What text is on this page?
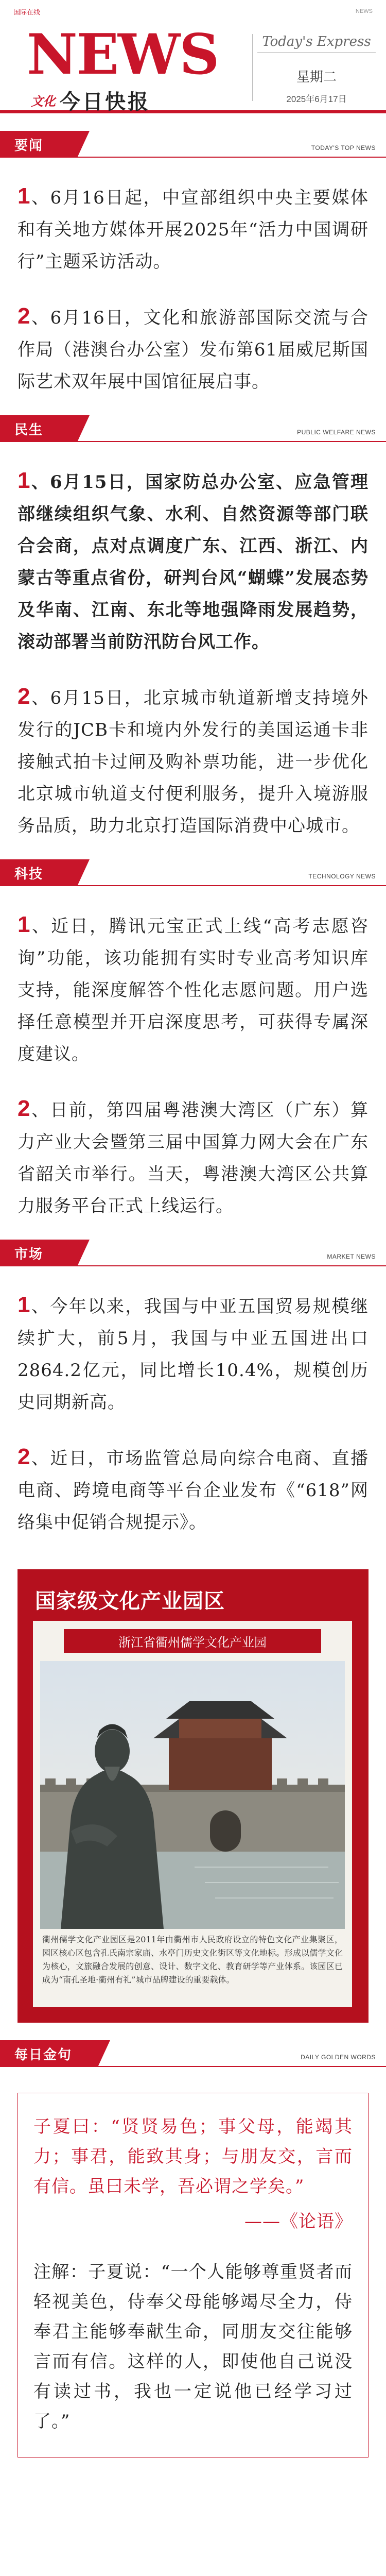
国际在线	NEWS
NEWS
文化 今日快报
Today's Express
星期二
2025年6月17日
要闻	TODAY'S TOP NEWS

1、6月16日起，中宣部组织中央主要媒体和有关地方媒体开展2025年“活力中国调研行”主题采访活动。

2、6月16日，文化和旅游部国际交流与合作局（港澳台办公室）发布第61届威尼斯国际艺术双年展中国馆征展启事。

民生	PUBLIC WELFARE NEWS

1、6月15日，国家防总办公室、应急管理部继续组织气象、水利、自然资源等部门联合会商，点对点调度广东、江西、浙江、内蒙古等重点省份，研判台风“蝴蝶”发展态势及华南、江南、东北等地强降雨发展趋势，滚动部署当前防汛防台风工作。

2、6月15日，北京城市轨道新增支持境外发行的JCB卡和境内外发行的美国运通卡非接触式拍卡过闸及购补票功能，进一步优化北京城市轨道支付便利服务，提升入境游服务品质，助力北京打造国际消费中心城市。

科技	TECHNOLOGY NEWS

1、近日，腾讯元宝正式上线“高考志愿咨询”功能，该功能拥有实时专业高考知识库支持，能深度解答个性化志愿问题。用户选择任意模型并开启深度思考，可获得专属深度建议。

2、日前，第四届粤港澳大湾区（广东）算力产业大会暨第三届中国算力网大会在广东省韶关市举行。当天，粤港澳大湾区公共算力服务平台正式上线运行。

市场	MARKET NEWS

1、今年以来，我国与中亚五国贸易规模继续扩大，前5月，我国与中亚五国进出口2864.2亿元，同比增长10.4%，规模创历史同期新高。

2、近日，市场监管总局向综合电商、直播电商、跨境电商等平台企业发布《“618”网络集中促销合规提示》。

国家级文化产业园区
浙江省衢州儒学文化产业园
衢州儒学文化产业园区是2011年由衢州市人民政府设立的特色文化产业集聚区，园区核心区包含孔氏南宗家庙、水亭门历史文化街区等文化地标。形成以儒学文化为核心，文旅融合发展的创意、设计、数字文化、教育研学等产业体系。该园区已成为“南孔圣地·衢州有礼”城市品牌建设的重要载体。
每日金句	DAILY GOLDEN WORDS

子夏曰：“贤贤易色；事父母，能竭其力；事君，能致其身；与朋友交，言而有信。虽曰未学，吾必谓之学矣。”

——《论语》

注解：子夏说：“一个人能够尊重贤者而轻视美色，侍奉父母能够竭尽全力，侍奉君主能够奉献生命，同朋友交往能够言而有信。这样的人，即使他自己说没有读过书，我也一定说他已经学习过了。”
